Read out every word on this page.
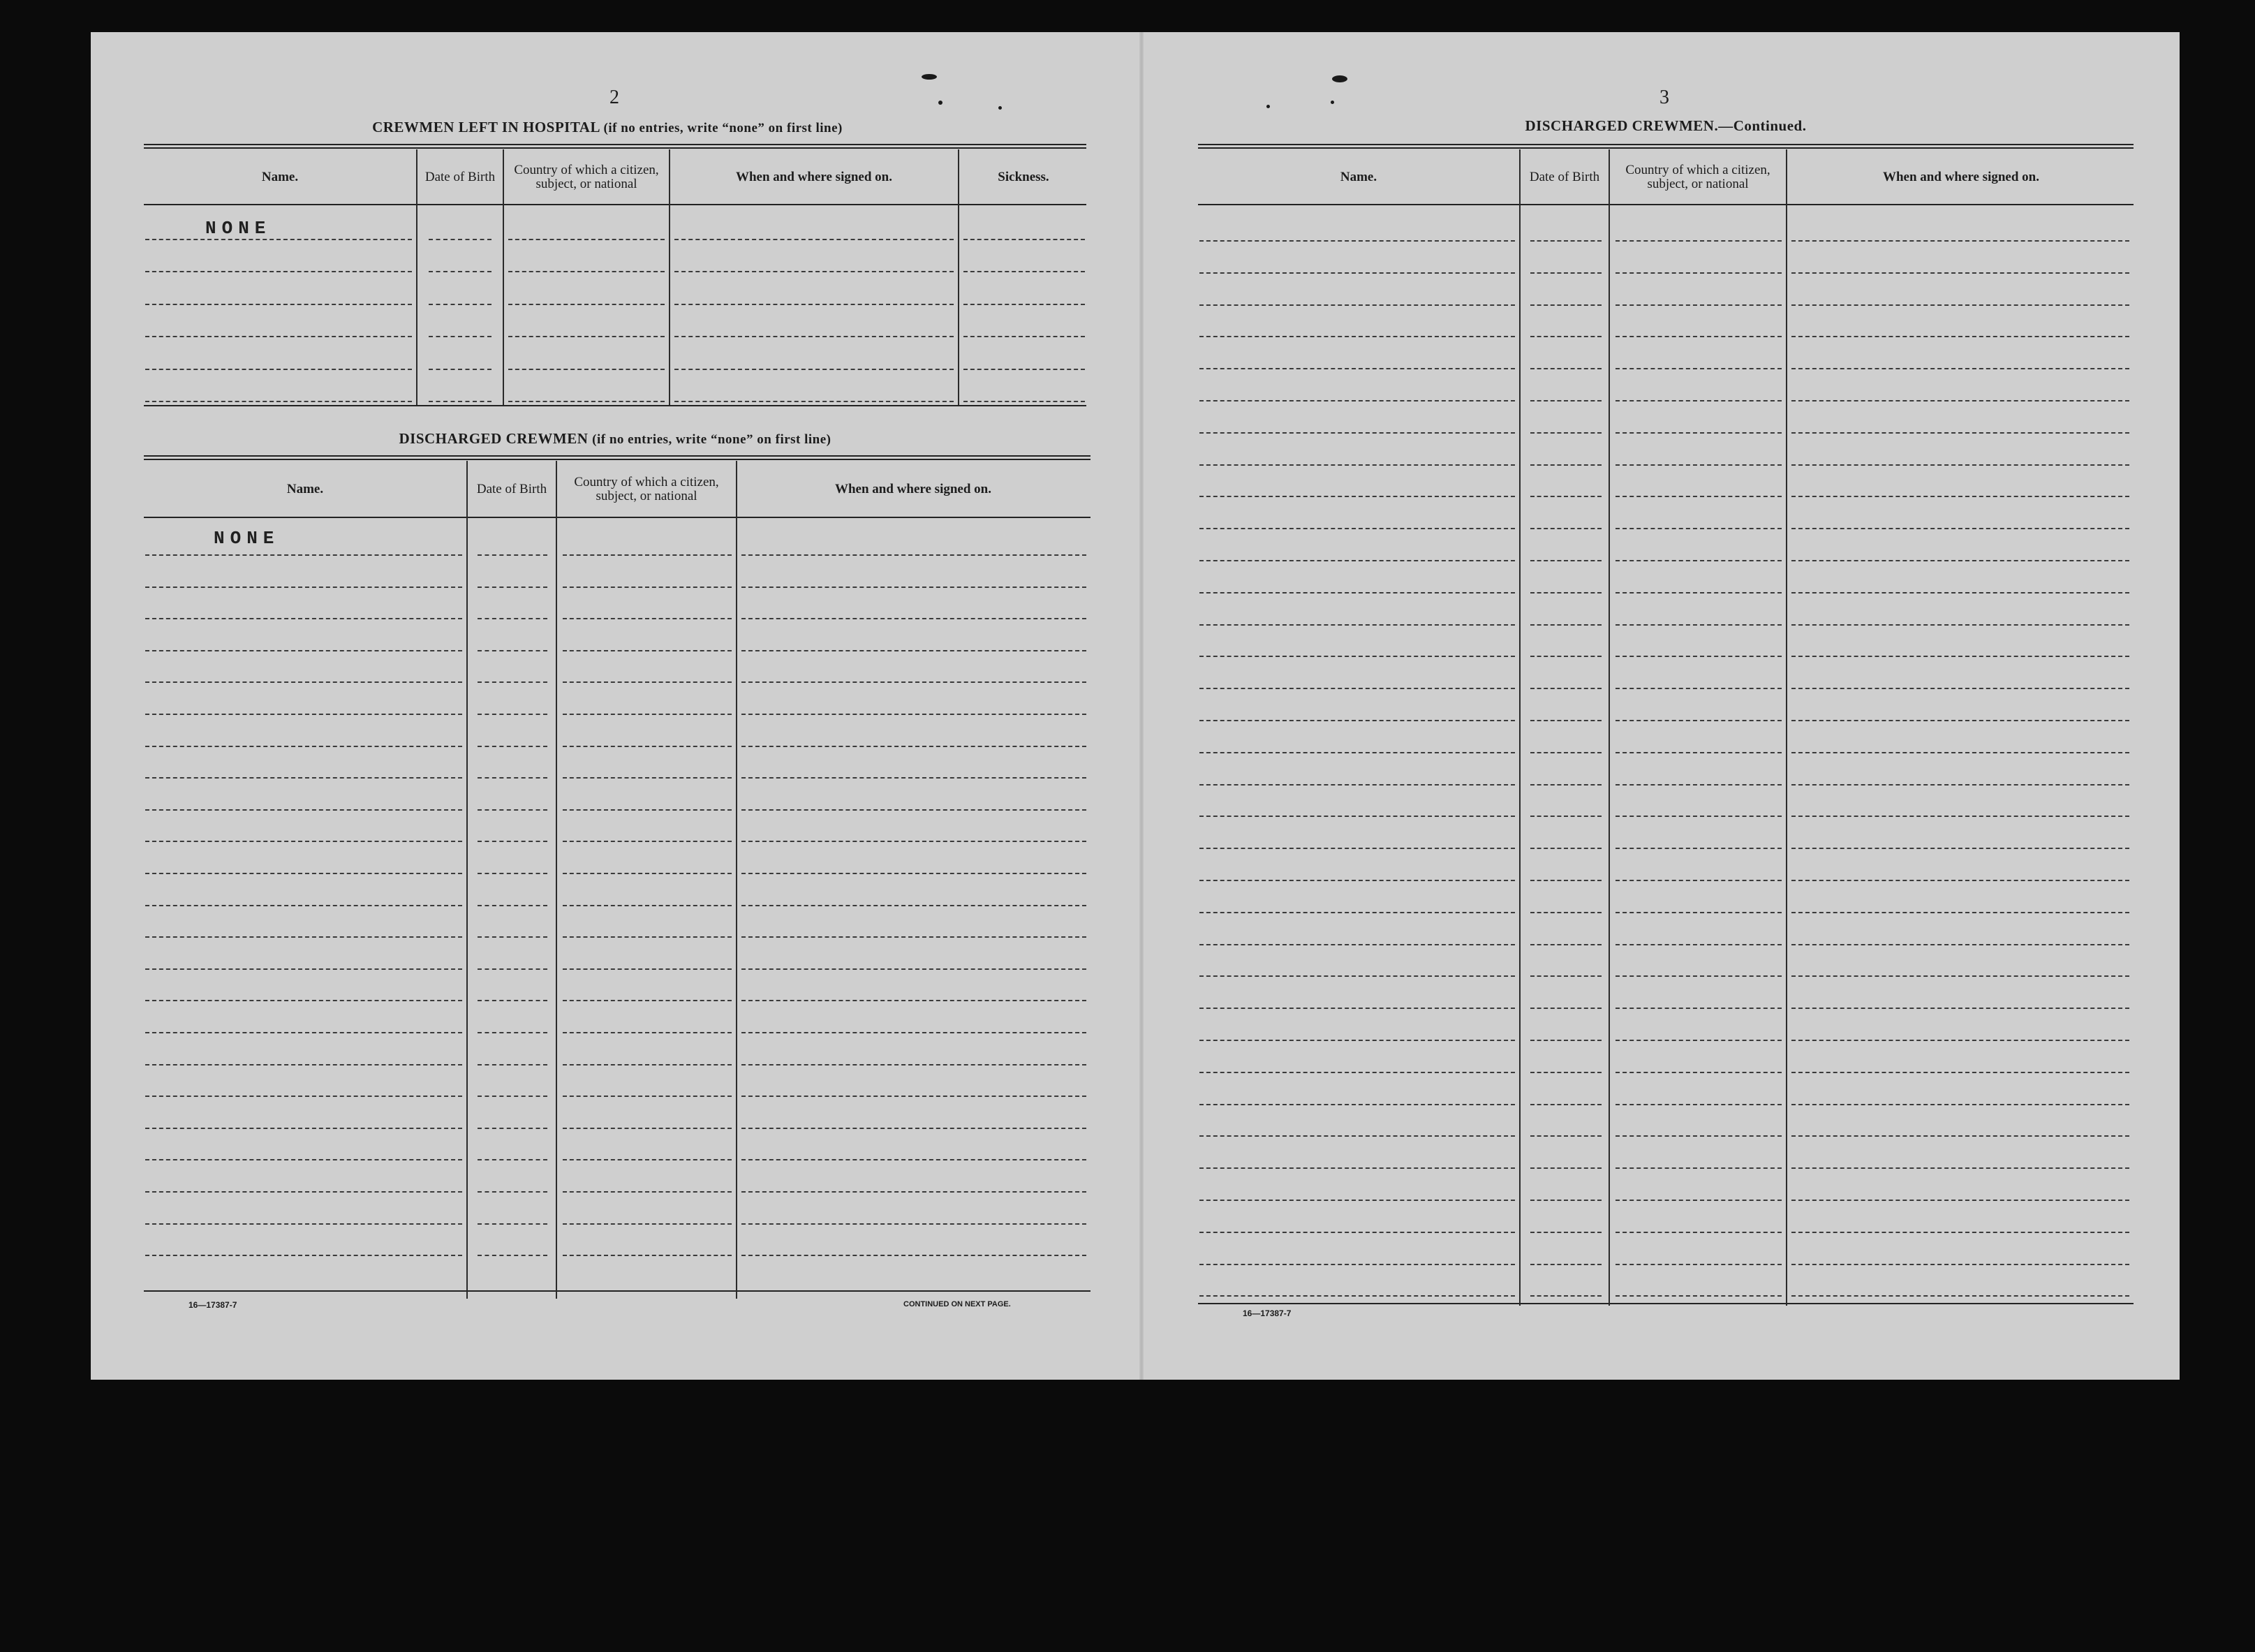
2
CREWMEN LEFT IN HOSPITAL (if no entries, write “none” on first line)
Name.	Date of Birth	Country of which a citizen, subject, or national	When and where signed on.	Sickness.
NONE
DISCHARGED CREWMEN (if no entries, write “none” on first line)
Name.	Date of Birth	Country of which a citizen, subject, or national	When and where signed on.
NONE
16—17387-7	CONTINUED ON NEXT PAGE.
3
DISCHARGED CREWMEN.—Continued.
Name.	Date of Birth	Country of which a citizen, subject, or national	When and where signed on.
16—17387-7
